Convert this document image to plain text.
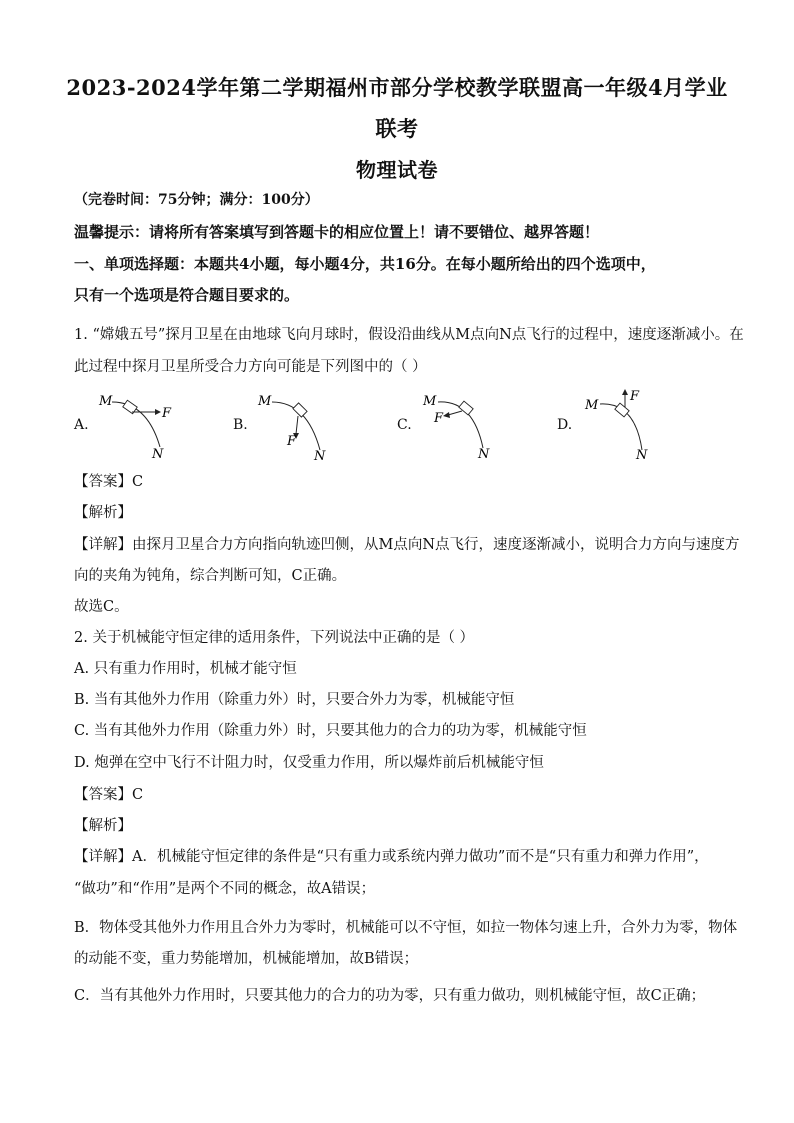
2023-2024学年第二学期福州市部分学校教学联盟高一年级4月学业
联考
物理试卷
（完卷时间：75分钟；满分：100分）
温馨提示：请将所有答案填写到答题卡的相应位置上！请不要错位、越界答题！
一、单项选择题：本题共4小题，每小题4分，共16分。在每小题所给出的四个选项中，
只有一个选项是符合题目要求的。
1. “嫦娥五号”探月卫星在由地球飞向月球时，假设沿曲线从M点向N点飞行的过程中，速度逐渐减小。在
此过程中探月卫星所受合力方向可能是下列图中的（ ）
A.
M
F
N
B.
M
F
N
C.
M
F
N
D.
M
F
N
【答案】C
【解析】
【详解】由探月卫星合力方向指向轨迹凹侧，从M点向N点飞行，速度逐渐减小，说明合力方向与速度方
向的夹角为钝角，综合判断可知，C正确。
故选C。
2. 关于机械能守恒定律的适用条件，下列说法中正确的是（ ）
A. 只有重力作用时，机械才能守恒
B. 当有其他外力作用（除重力外）时，只要合外力为零，机械能守恒
C. 当有其他外力作用（除重力外）时，只要其他力的合力的功为零，机械能守恒
D. 炮弹在空中飞行不计阻力时，仅受重力作用，所以爆炸前后机械能守恒
【答案】C
【解析】
【详解】A．机械能守恒定律的条件是“只有重力或系统内弹力做功”而不是“只有重力和弹力作用”，
“做功”和“作用”是两个不同的概念，故A错误；
B．物体受其他外力作用且合外力为零时，机械能可以不守恒，如拉一物体匀速上升，合外力为零，物体
的动能不变，重力势能增加，机械能增加，故B错误；
C．当有其他外力作用时，只要其他力的合力的功为零，只有重力做功，则机械能守恒，故C正确；
